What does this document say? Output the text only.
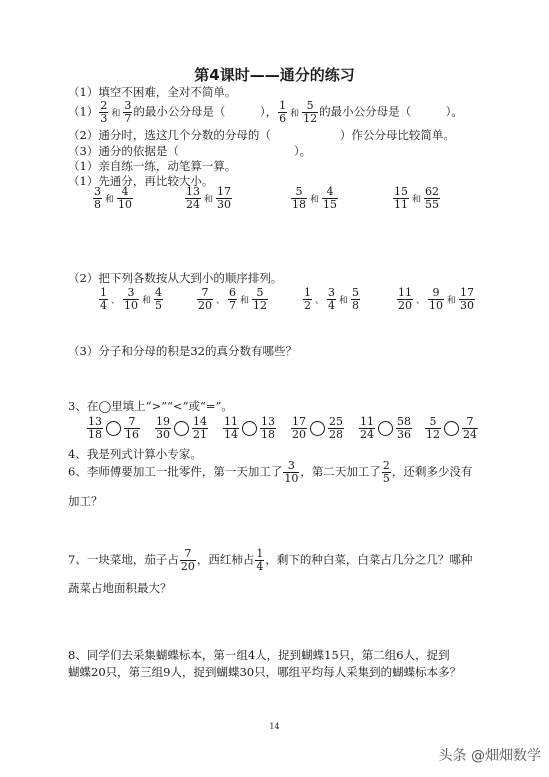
第4课时——通分的练习
（1）填空不困难，全对不简单。
$(1) \frac{2}{3}$ 和 $\frac{3}{7}$ 的最小公分母是（　　　）， $\frac{1}{6}$ 和 $\frac{5}{12}$ 的最小公分母是（　　　）。
（2）通分时，选这几个分数的分母的（　　　　　　）作公分母比较简单。
（3）通分的依据是（　　　　　　　　　　）。
（1）亲自练一练，动笔算一算。
（1）先通分，再比较大小。
$\frac{3}{8}$ 和 $\frac{4}{10}$	$\frac{13}{24}$ 和 $\frac{17}{30}$	$\frac{5}{18}$ 和 $\frac{4}{15}$	$\frac{15}{11}$ 和 $\frac{62}{55}$
（2）把下列各数按从大到小的顺序排列。
$\frac{1}{4}$ 、 $\frac{3}{10}$ 和 $\frac{4}{5}$	$\frac{7}{20}$ 、 $\frac{6}{7}$ 和 $\frac{5}{12}$	$\frac{1}{2}$ 、 $\frac{3}{4}$ 和 $\frac{5}{8}$	$\frac{11}{20}$ 、 $\frac{9}{10}$ 和 $\frac{17}{30}$
（3）分子和分母的积是32的真分数有哪些？
3、在◯里填上“>”“<”或“=”。
$\frac{13}{18} \frac{7}{16} \frac{19}{30} \frac{14}{21} \frac{11}{14} \frac{13}{18} \frac{17}{20} \frac{25}{28} \frac{11}{24} \frac{58}{36} \frac{5}{12} \frac{7}{24}$
4、我是列式计算小专家。
6、李师傅要加工一批零件，第一天加工了 $\frac{3}{10}$ ，第二天加工了 $\frac{2}{5}$ ，还剩多少没有
加工？
7、一块菜地，茄子占 $\frac{7}{20}$ ，西红柿占 $\frac{1}{4}$ ，剩下的种白菜，白菜占几分之几？哪种
蔬菜占地面积最大？
8、同学们去采集蝴蝶标本，第一组4人，捉到蝴蝶15只，第二组6人，捉到
蝴蝶20只，第三组9人，捉到蝴蝶30只，哪组平均每人采集到的蝴蝶标本多？
14
头条 @畑畑数学
